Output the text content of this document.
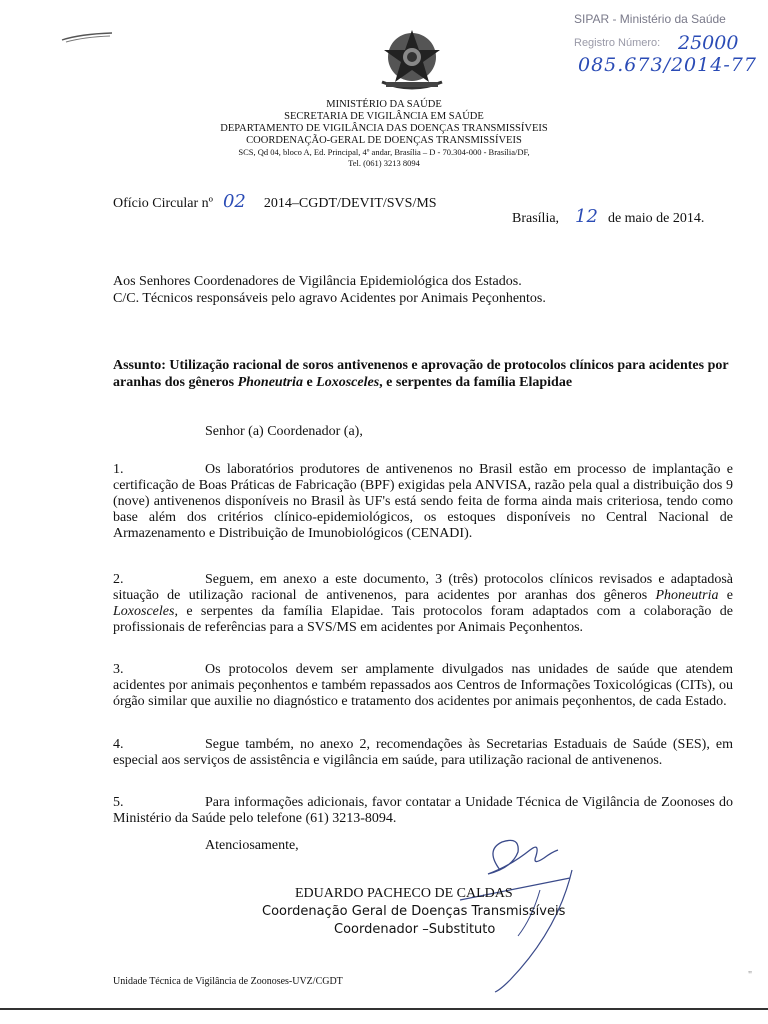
SIPAR - Ministério da Saúde
Registro Número: 25000
085.673/2014-77
MINISTÉRIO DA SAÚDE
SECRETARIA DE VIGILÂNCIA EM SAÚDE
DEPARTAMENTO DE VIGILÂNCIA DAS DOENÇAS TRANSMISSÍVEIS
COORDENAÇÃO-GERAL DE DOENÇAS TRANSMISSÍVEIS
SCS, Qd 04, bloco A, Ed. Principal, 4º andar, Brasília – D - 70.304-000 - Brasília/DF,
Tel. (061) 3213 8094
Ofício Circular nº 02 2014–CGDT/DEVIT/SVS/MS
Brasília, 12 de maio de 2014.
Aos Senhores Coordenadores de Vigilância Epidemiológica dos Estados.
C/C. Técnicos responsáveis pelo agravo Acidentes por Animais Peçonhentos.
Assunto: Utilização racional de soros antivenenos e aprovação de protocolos clínicos para acidentes por aranhas dos gêneros Phoneutria e Loxosceles, e serpentes da família Elapidae
Senhor (a) Coordenador (a),
1.	Os laboratórios produtores de antivenenos no Brasil estão em processo de implantação e certificação de Boas Práticas de Fabricação (BPF) exigidas pela ANVISA, razão pela qual a distribuição dos 9 (nove) antivenenos disponíveis no Brasil às UF's está sendo feita de forma ainda mais criteriosa, tendo como base além dos critérios clínico-epidemiológicos, os estoques disponíveis no Central Nacional de Armazenamento e Distribuição de Imunobiológicos (CENADI).
2.	Seguem, em anexo a este documento, 3 (três) protocolos clínicos revisados e adaptadosà situação de utilização racional de antivenenos, para acidentes por aranhas dos gêneros Phoneutria e Loxosceles, e serpentes da família Elapidae. Tais protocolos foram adaptados com a colaboração de profissionais de referências para a SVS/MS em acidentes por Animais Peçonhentos.
3.	Os protocolos devem ser amplamente divulgados nas unidades de saúde que atendem acidentes por animais peçonhentos e também repassados aos Centros de Informações Toxicológicas (CITs), ou órgão similar que auxilie no diagnóstico e tratamento dos acidentes por animais peçonhentos, de cada Estado.
4.	Segue também, no anexo 2, recomendações às Secretarias Estaduais de Saúde (SES), em especial aos serviços de assistência e vigilância em saúde, para utilização racional de antivenenos.
5.	Para informações adicionais, favor contatar a Unidade Técnica de Vigilância de Zoonoses do Ministério da Saúde pelo telefone (61) 3213-8094.
Atenciosamente,
EDUARDO PACHECO DE CALDAS
Coordenação Geral de Doenças Transmissíveis
Coordenador –Substituto
Unidade Técnica de Vigilância de Zoonoses-UVZ/CGDT
"
